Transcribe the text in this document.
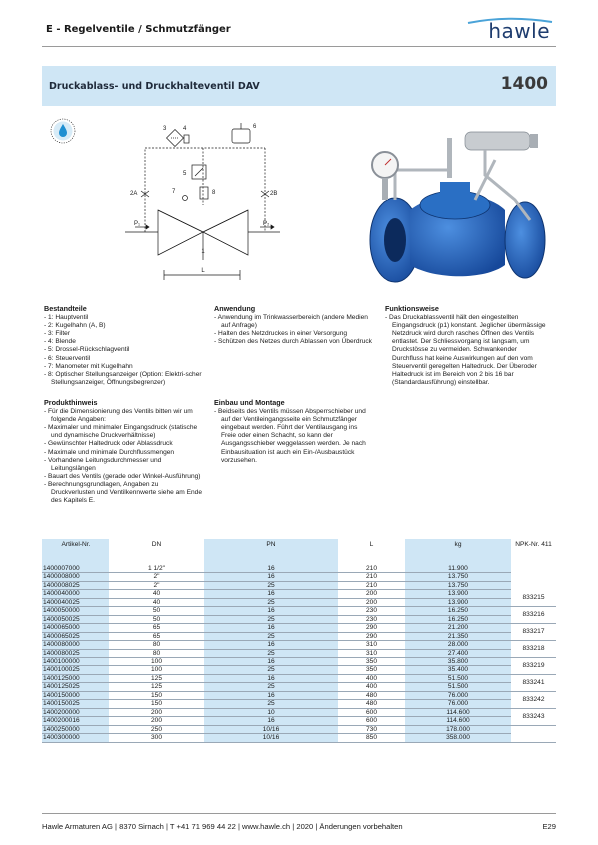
E - Regelventile / Schmutzfänger	hawle
Druckablass- und Druckhalteventil DAV	1400
1
2A	2B
3	4
5
6
7	8
P₁	P₂
L
Bestandteile
- 1: Hauptventil
- 2: Kugelhahn (A, B)
- 3: Filter
- 4: Blende
- 5: Drossel-Rückschlagventil
- 6: Steuerventil
- 7: Manometer mit Kugelhahn
- 8: Optischer Stellungsanzeiger (Option: Elektri-scher Stellungsanzeiger, Öffnungsbegrenzer)
Anwendung
- Anwendung im Trinkwasserbereich (andere Medien auf Anfrage)
- Halten des Netzdruckes in einer Versorgung
- Schützen des Netzes durch Ablassen von Überdruck
Funktionsweise
- Das Druckablassventil hält den eingestellten Eingangsdruck (p1) konstant. Jeglicher übermässige Netzdruck wird durch rasches Öffnen des Ventils entlastet. Der Schliessvorgang ist langsam, um Druckstösse zu vermeiden. Schwankender Durchfluss hat keine Auswirkungen auf den vom Steuerventil geregelten Haltedruck. Der Überoder Haltedruck ist im Bereich von 2 bis 16 bar (Standardausführung) einstellbar.
Produkthinweis
- Für die Dimensionierung des Ventils bitten wir um folgende Angaben:
- Maximaler und minimaler Eingangsdruck (statische und dynamische Druckverhältnisse)
- Gewünschter Haltedruck oder Ablassdruck
- Maximale und minimale Durchflussmengen
- Vorhandene Leitungsdurchmesser und Leitungslängen
- Bauart des Ventils (gerade oder Winkel-Ausführung)
- Berechnungsgrundlagen, Angaben zu Druckverlusten und Ventilkennwerte siehe am Ende des Kapitels E.
Einbau und Montage
- Beidseits des Ventils müssen Absperrschieber und auf der Ventileingangsseite ein Schmutzfänger eingebaut werden. Führt der Ventilausgang ins Freie oder einen Schacht, so kann der Ausgangsschieber weggelassen werden. Je nach Einbausituation ist auch ein Ein-/Ausbaustück vorzusehen.
Artikel-Nr.	DN	PN	L	kg	NPK-Nr. 411
1400007000	1 1/2"	16	210	11.900	
1400008000	2"	16	210	13.750	
1400008025	2"	25	210	13.750	
1400040000	40	16	200	13.900	833215
1400040025	40	25	200	13.900	
1400050000	50	16	230	16.250	833216
1400050025	50	25	230	16.250	
1400065000	65	16	290	21.200	833217
1400065025	65	25	290	21.350	
1400080000	80	16	310	28.000	833218
1400080025	80	25	310	27.400	
1400100000	100	16	350	35.800	833219
1400100025	100	25	350	35.400	
1400125000	125	16	400	51.500	833241
1400125025	125	25	400	51.500	
1400150000	150	16	480	76.000	833242
1400150025	150	25	480	76.000	
1400200000	200	10	600	114.600	833243
1400200016	200	16	600	114.600	
1400250000	250	10/16	730	178.000	
1400300000	300	10/16	850	358.000	
Hawle Armaturen AG | 8370 Sirnach | T +41 71 969 44 22 | www.hawle.ch | 2020 | Änderungen vorbehalten	E29
